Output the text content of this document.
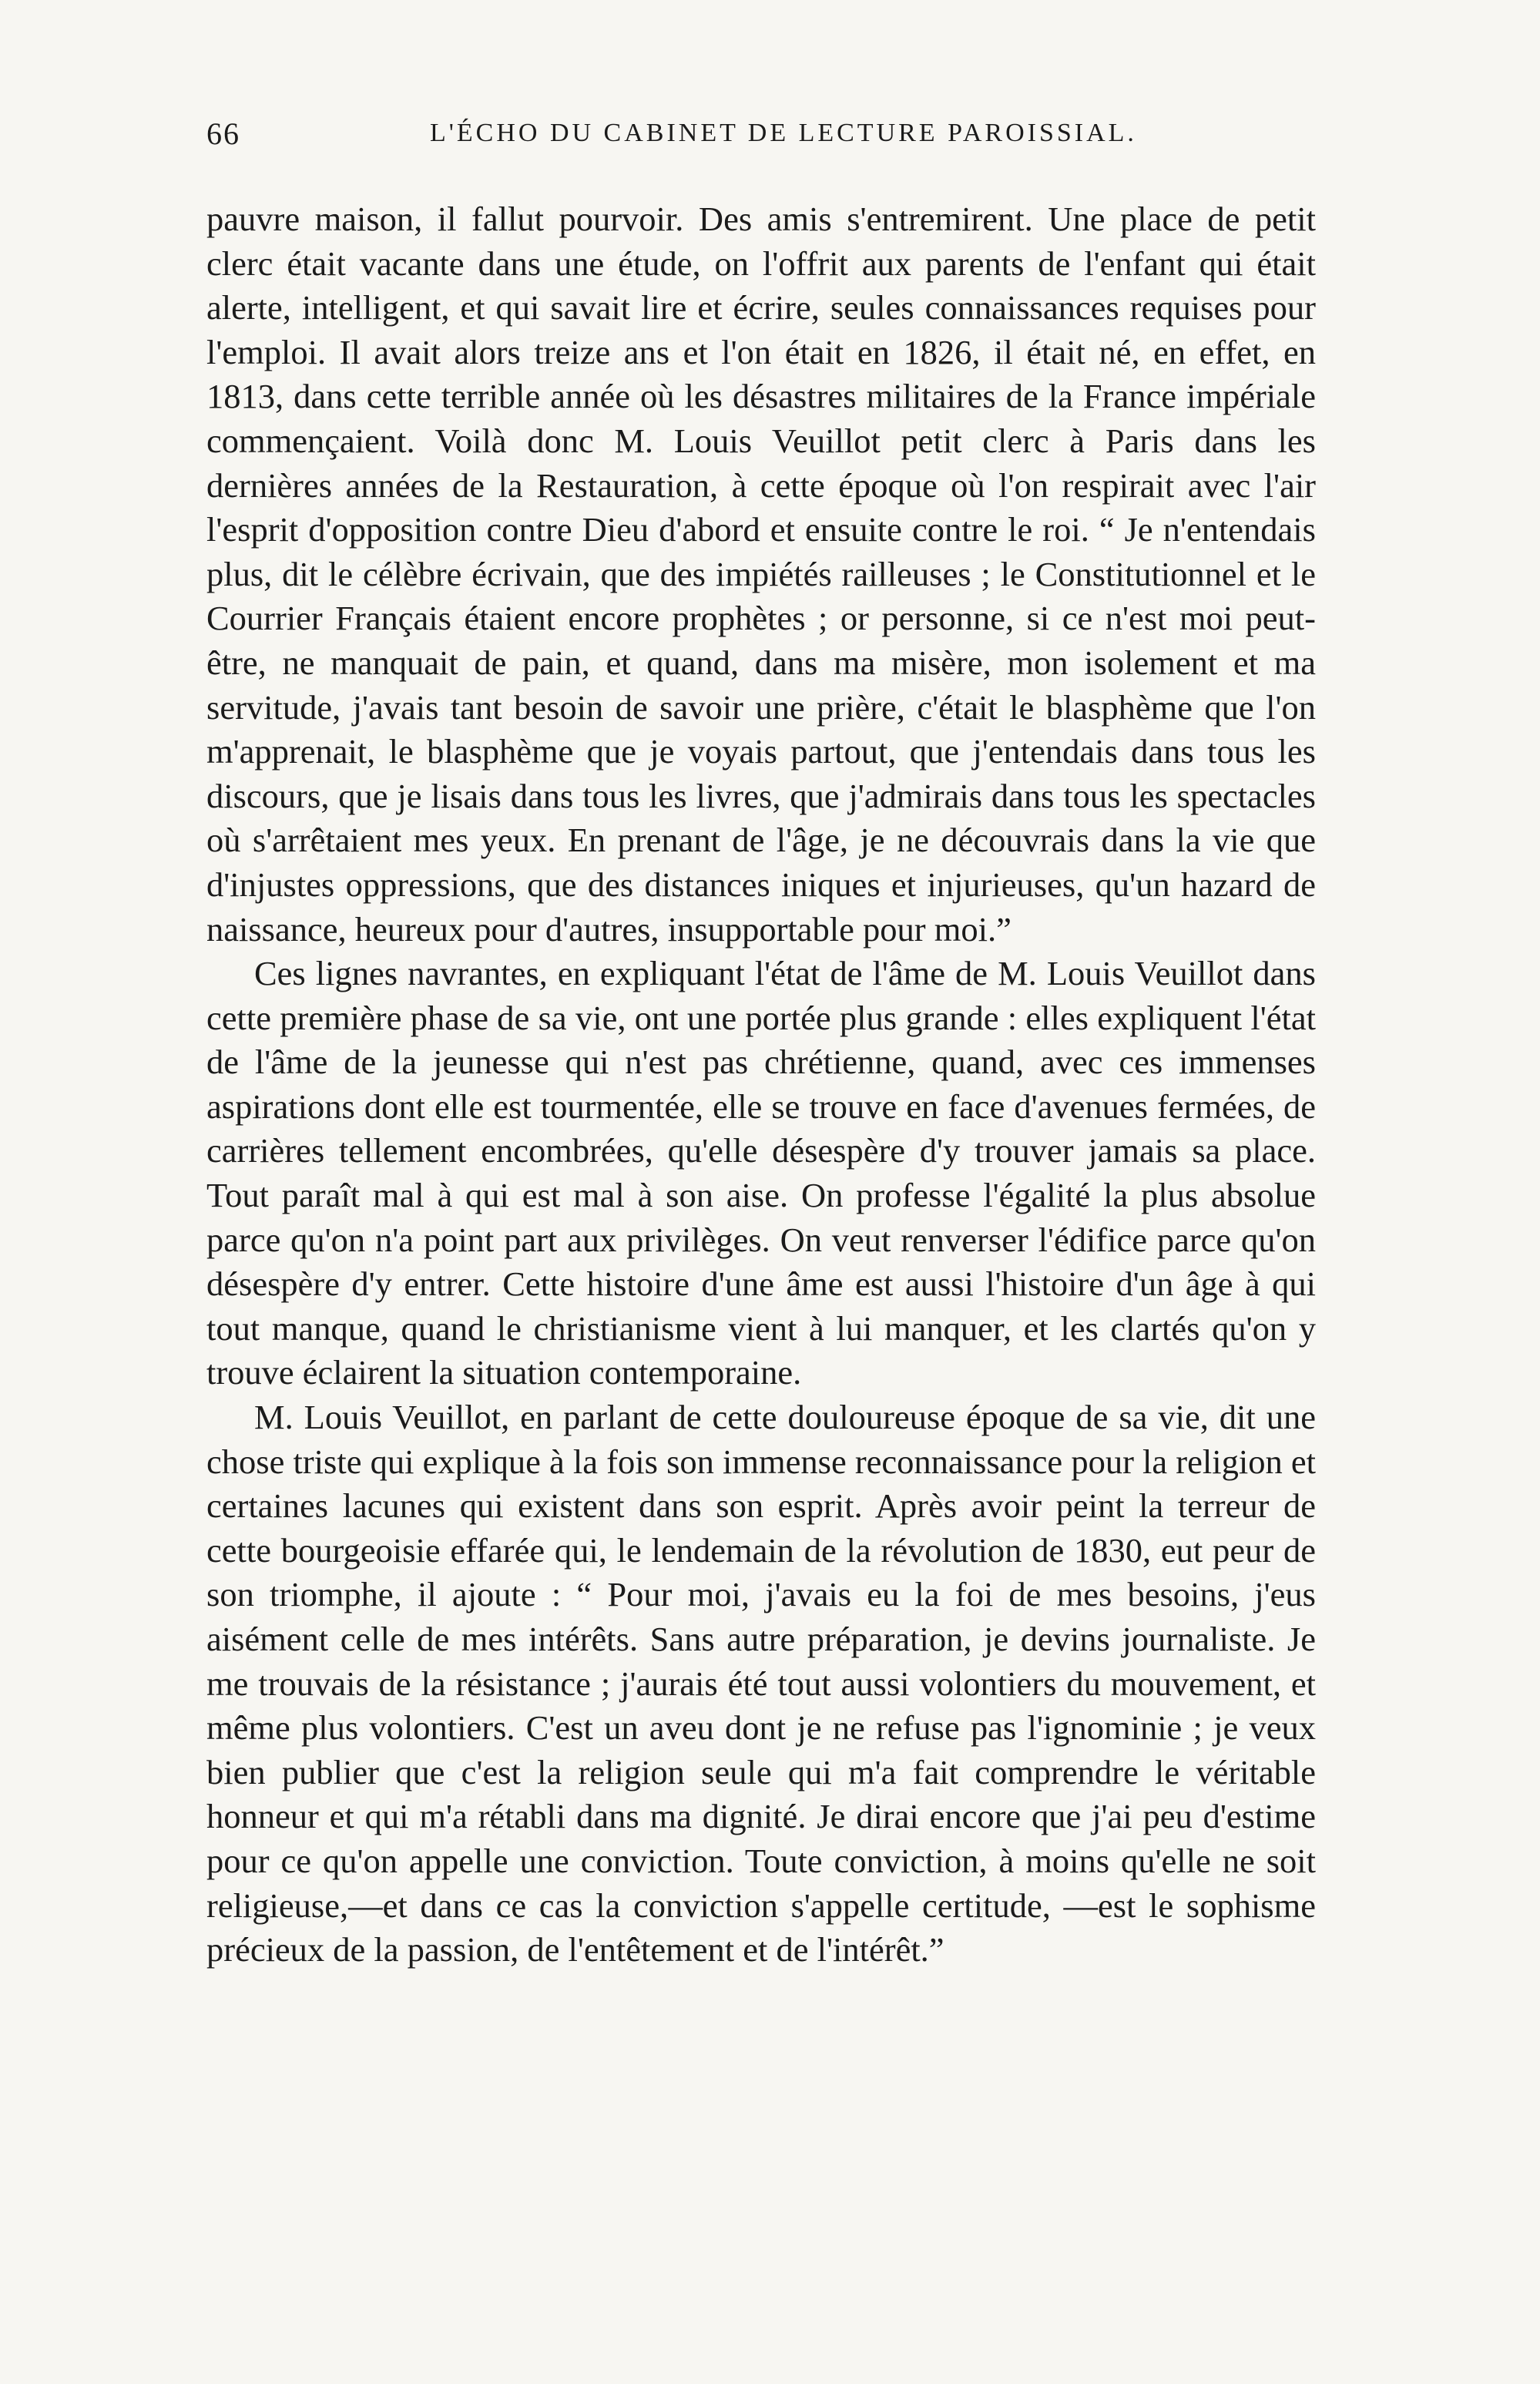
66	L'ÉCHO DU CABINET DE LECTURE PAROISSIAL.

pauvre maison, il fallut pourvoir. Des amis s'entremirent. Une place de petit clerc était vacante dans une étude, on l'offrit aux parents de l'enfant qui était alerte, intelligent, et qui savait lire et écrire, seules connaissances requises pour l'emploi. Il avait alors treize ans et l'on était en 1826, il était né, en effet, en 1813, dans cette terrible année où les désastres militaires de la France impériale commençaient. Voilà donc M. Louis Veuillot petit clerc à Paris dans les dernières années de la Restauration, à cette époque où l'on respirait avec l'air l'esprit d'opposition contre Dieu d'abord et ensuite contre le roi. “ Je n'entendais plus, dit le célèbre écrivain, que des impiétés railleuses ; le Constitutionnel et le Courrier Français étaient encore prophètes ; or personne, si ce n'est moi peut-être, ne manquait de pain, et quand, dans ma misère, mon isolement et ma servitude, j'avais tant besoin de savoir une prière, c'était le blasphème que l'on m'apprenait, le blasphème que je voyais partout, que j'entendais dans tous les discours, que je lisais dans tous les livres, que j'admirais dans tous les spectacles où s'arrêtaient mes yeux. En prenant de l'âge, je ne découvrais dans la vie que d'injustes oppressions, que des distances iniques et injurieuses, qu'un hazard de naissance, heureux pour d'autres, insupportable pour moi.”

Ces lignes navrantes, en expliquant l'état de l'âme de M. Louis Veuillot dans cette première phase de sa vie, ont une portée plus grande : elles expliquent l'état de l'âme de la jeunesse qui n'est pas chrétienne, quand, avec ces immenses aspirations dont elle est tourmentée, elle se trouve en face d'avenues fermées, de carrières tellement encombrées, qu'elle désespère d'y trouver jamais sa place. Tout paraît mal à qui est mal à son aise. On professe l'égalité la plus absolue parce qu'on n'a point part aux privilèges. On veut renverser l'édifice parce qu'on désespère d'y entrer. Cette histoire d'une âme est aussi l'histoire d'un âge à qui tout manque, quand le christianisme vient à lui manquer, et les clartés qu'on y trouve éclairent la situation contemporaine.

M. Louis Veuillot, en parlant de cette douloureuse époque de sa vie, dit une chose triste qui explique à la fois son immense reconnaissance pour la religion et certaines lacunes qui existent dans son esprit. Après avoir peint la terreur de cette bourgeoisie effarée qui, le lendemain de la révolution de 1830, eut peur de son triomphe, il ajoute : “ Pour moi, j'avais eu la foi de mes besoins, j'eus aisément celle de mes intérêts. Sans autre préparation, je devins journaliste. Je me trouvais de la résistance ; j'aurais été tout aussi volontiers du mouvement, et même plus volontiers. C'est un aveu dont je ne refuse pas l'ignominie ; je veux bien publier que c'est la religion seule qui m'a fait comprendre le véritable honneur et qui m'a rétabli dans ma dignité. Je dirai encore que j'ai peu d'estime pour ce qu'on appelle une conviction. Toute conviction, à moins qu'elle ne soit religieuse,—et dans ce cas la conviction s'appelle certitude, —est le sophisme précieux de la passion, de l'entêtement et de l'intérêt.”
